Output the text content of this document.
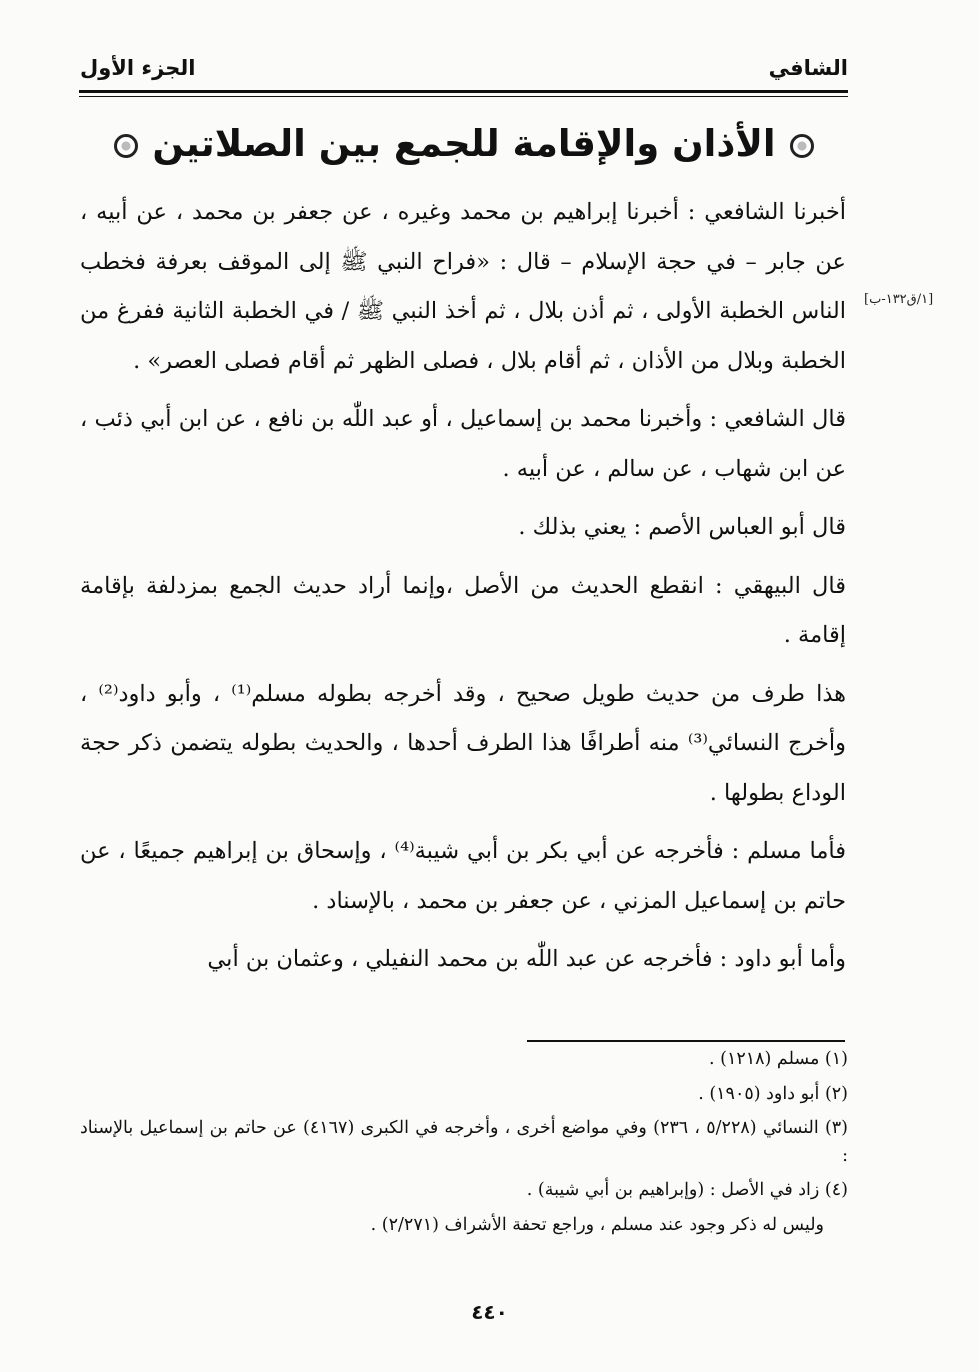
الجزء الأول	الشافي
الأذان والإقامة للجمع بين الصلاتين
[١/ق١٣٢-ب]

أخبرنا الشافعي : أخبرنا إبراهيم بن محمد وغيره ، عن جعفر بن محمد ، عن أبيه ، عن جابر – في حجة الإسلام – قال : «فراح النبي ﷺ إلى الموقف بعرفة فخطب الناس الخطبة الأولى ، ثم أذن بلال ، ثم أخذ النبي ﷺ / في الخطبة الثانية ففرغ من الخطبة وبلال من الأذان ، ثم أقام بلال ، فصلى الظهر ثم أقام فصلى العصر» .

قال الشافعي : وأخبرنا محمد بن إسماعيل ، أو عبد اللّٰه بن نافع ، عن ابن أبي ذئب ، عن ابن شهاب ، عن سالم ، عن أبيه .

قال أبو العباس الأصم : يعني بذلك .

قال البيهقي : انقطع الحديث من الأصل ،وإنما أراد حديث الجمع بمزدلفة بإقامة إقامة .

هذا طرف من حديث طويل صحيح ، وقد أخرجه بطوله مسلم⁽¹⁾ ، وأبو داود⁽²⁾ ، وأخرج النسائي⁽³⁾ منه أطرافًا هذا الطرف أحدها ، والحديث بطوله يتضمن ذكر حجة الوداع بطولها .

فأما مسلم : فأخرجه عن أبي بكر بن أبي شيبة⁽⁴⁾ ، وإسحاق بن إبراهيم جميعًا ، عن حاتم بن إسماعيل المزني ، عن جعفر بن محمد ، بالإسناد .

وأما أبو داود : فأخرجه عن عبد اللّٰه بن محمد النفيلي ، وعثمان بن أبي

(١) مسلم (١٢١٨) .

(٢) أبو داود (١٩٠٥) .

(٣) النسائي (٥/٢٢٨ ، ٢٣٦) وفي مواضع أخرى ، وأخرجه في الكبرى (٤١٦٧) عن حاتم بن إسماعيل بالإسناد :

(٤) زاد في الأصل : (وإبراهيم بن أبي شيبة) .

وليس له ذكر وجود عند مسلم ، وراجع تحفة الأشراف (٢/٢٧١) .

٤٤٠
